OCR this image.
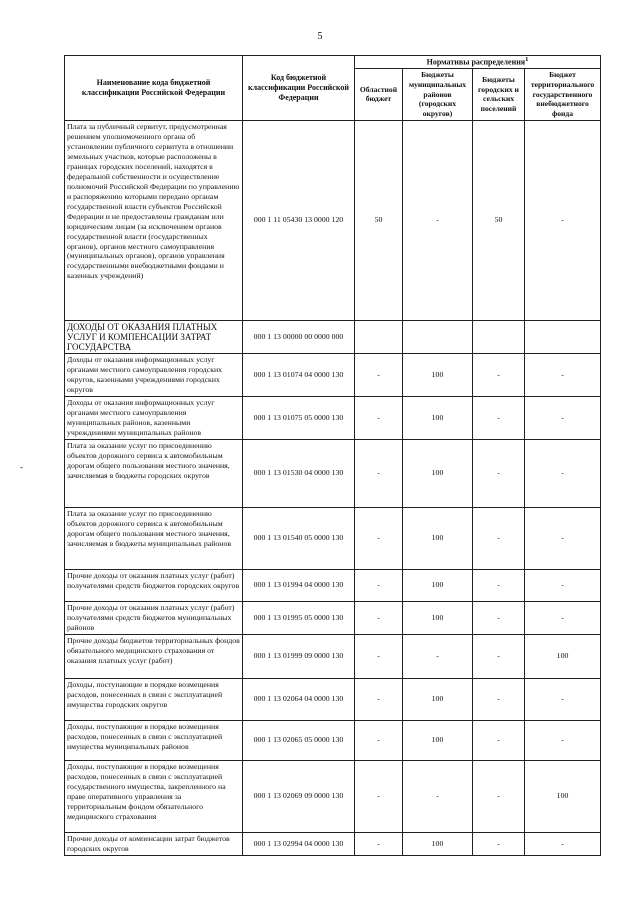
5
-
Наименование кода бюджетной классификации Российской Федерации	Код бюджетной классификации Российской Федерации	Нормативы распределения$^1$
		Областной бюджет	Бюджеты муниципальных районов (городских округов)	Бюджеты городских и сельских поселений	Бюджет территориального государственного внебюджетного фонда
Плата за публичный сервитут, предусмотренная решением уполномоченного органа об установлении публичного сервитута в отношении земельных участков, которые расположены в границах городских поселений, находятся в федеральной собственности и осуществление полномочий Российской Федерации по управлению и распоряжению которыми передано органам государственной власти субъектов Российской Федерации и не предоставлены гражданам или юридическим лицам (за исключением органов государственной власти (государственных органов), органов местного самоуправления (муниципальных органов), органов управления государственными внебюджетными фондами и казенных учреждений)	000 1 11 05430 13 0000 120	50	-	50	-
ДОХОДЫ ОТ ОКАЗАНИЯ ПЛАТНЫХ УСЛУГ И КОМПЕНСАЦИИ ЗАТРАТ ГОСУДАРСТВА	000 1 13 00000 00 0000 000				
Доходы от оказания информационных услуг органами местного самоуправления городских округов, казенными учреждениями городских округов	000 1 13 01074 04 0000 130	-	100	-	-
Доходы от оказания информационных услуг органами местного самоуправления муниципальных районов, казенными учреждениями муниципальных районов	000 1 13 01075 05 0000 130	-	100	-	-
Плата за оказание услуг по присоединению объектов дорожного сервиса к автомобильным дорогам общего пользования местного значения, зачисляемая в бюджеты городских округов	000 1 13 01530 04 0000 130	-	100	-	-
Плата за оказание услуг по присоединению объектов дорожного сервиса к автомобильным дорогам общего пользования местного значения, зачисляемая в бюджеты муниципальных районов	000 1 13 01540 05 0000 130	-	100	-	-
Прочие доходы от оказания платных услуг (работ) получателями средств бюджетов городских округов	000 1 13 01994 04 0000 130	-	100	-	-
Прочие доходы от оказания платных услуг (работ) получателями средств бюджетов муниципальных районов	000 1 13 01995 05 0000 130	-	100	-	-
Прочие доходы бюджетов территориальных фондов обязательного медицинского страхования от оказания платных услуг (работ)	000 1 13 01999 09 0000 130	-	-	-	100
Доходы, поступающие в порядке возмещения расходов, понесенных в связи с эксплуатацией имущества городских округов	000 1 13 02064 04 0000 130	-	100	-	-
Доходы, поступающие в порядке возмещения расходов, понесенных в связи с эксплуатацией имущества муниципальных районов	000 1 13 02065 05 0000 130	-	100	-	-
Доходы, поступающие в порядке возмещения расходов, понесенных в связи с эксплуатацией государственного имущества, закрепленного на праве оперативного управления за территориальным фондом обязательного медицинского страхования	000 1 13 02069 09 0000 130	-	-	-	100
Прочие доходы от компенсации затрат бюджетов городских округов	000 1 13 02994 04 0000 130	-	100	-	-
